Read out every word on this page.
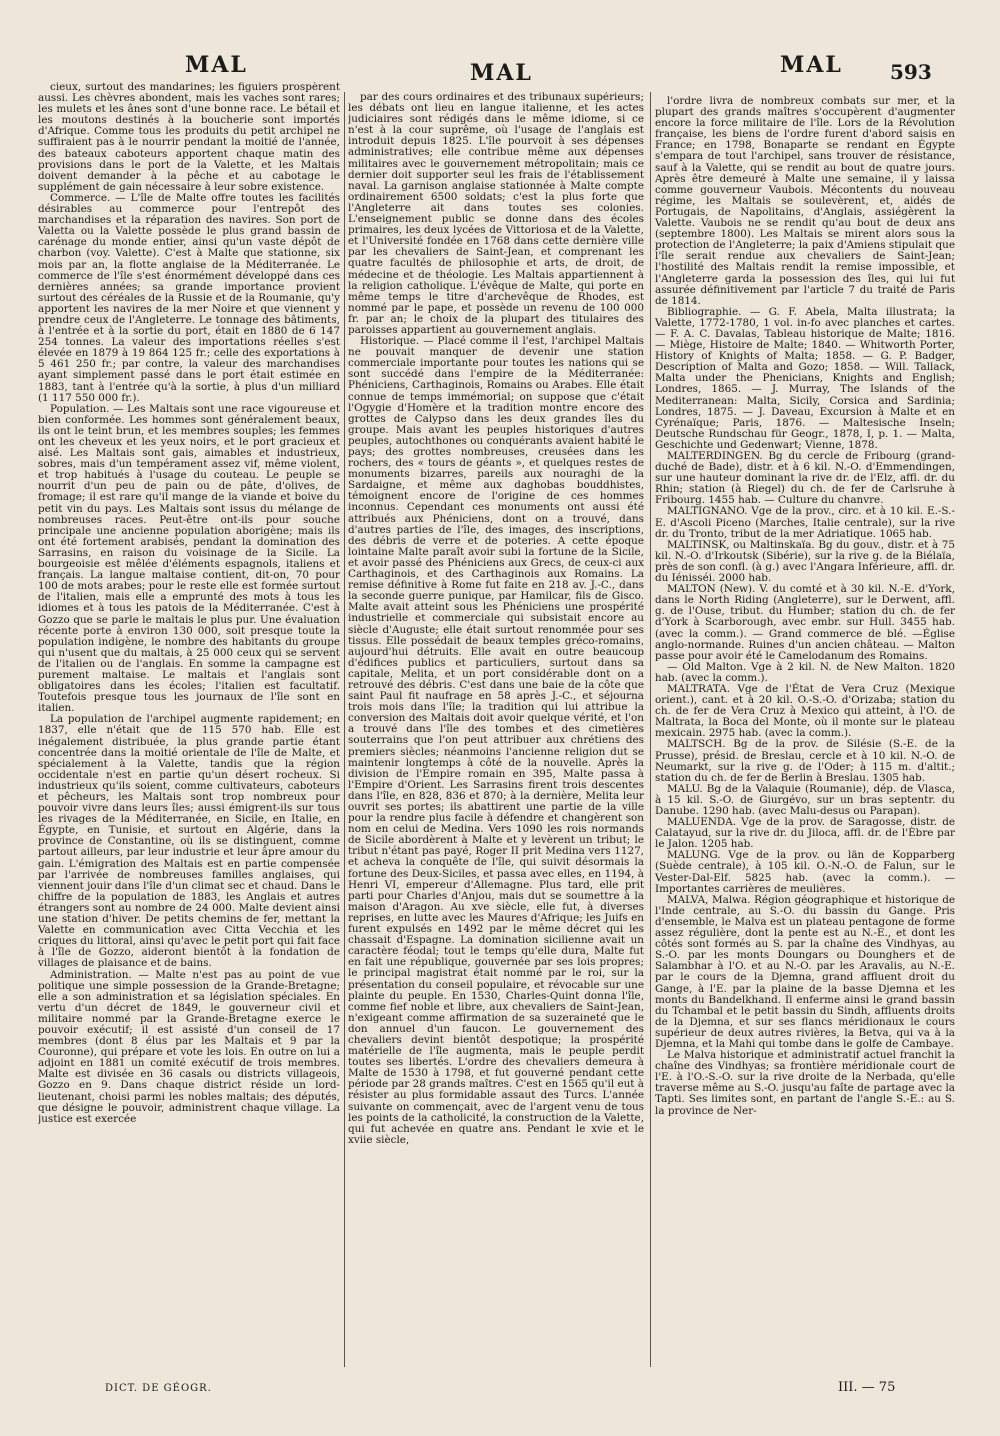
MAL	MAL	MAL 593

cieux, surtout des mandarines; les figuiers prospèrent aussi. Les chèvres abondent, mais les vaches sont rares; les mulets et les ânes sont d'une bonne race. Le bétail et les moutons destinés à la boucherie sont importés d'Afrique. Comme tous les produits du petit archipel ne suffiraient pas à le nourrir pendant la moitié de l'année, des bateaux caboteurs apportent chaque matin des provisions dans le port de la Valette, et les Maltais doivent demander à la pêche et au cabotage le supplément de gain nécessaire à leur sobre existence.

Commerce. — L'île de Malte offre toutes les facilités désirables au commerce pour l'entrepôt des marchandises et la réparation des navires. Son port de Valetta ou la Valette possède le plus grand bassin de carénage du monde entier, ainsi qu'un vaste dépôt de charbon (voy. Valette). C'est à Malte que stationne, six mois par an, la flotte anglaise de la Méditerranée. Le commerce de l'île s'est énormément développé dans ces dernières années; sa grande importance provient surtout des céréales de la Russie et de la Roumanie, qu'y apportent les navires de la mer Noire et que viennent y prendre ceux de l'Angleterre. Le tonnage des bâtiments, à l'entrée et à la sortie du port, était en 1880 de 6 147 254 tonnes. La valeur des importations réelles s'est élevée en 1879 à 19 864 125 fr.; celle des exportations à 5 461 250 fr.; par contre, la valeur des marchandises ayant simplement passé dans le port était estimée en 1883, tant à l'entrée qu'à la sortie, à plus d'un milliard (1 117 550 000 fr.).

Population. — Les Maltais sont une race vigoureuse et bien conformée. Les hommes sont généralement beaux, ils ont le teint brun, et les membres souples; les femmes ont les cheveux et les yeux noirs, et le port gracieux et aisé. Les Maltais sont gais, aimables et industrieux, sobres, mais d'un tempérament assez vif, même violent, et trop habitués à l'usage du couteau. Le peuple se nourrit d'un peu de pain ou de pâte, d'olives, de fromage; il est rare qu'il mange de la viande et boive du petit vin du pays. Les Maltais sont issus du mélange de nombreuses races. Peut-être ont-ils pour souche principale une ancienne population aborigène; mais ils ont été fortement arabisés, pendant la domination des Sarrasins, en raison du voisinage de la Sicile. La bourgeoisie est mêlée d'éléments espagnols, italiens et français. La langue maltaise contient, dit-on, 70 pour 100 de mots arabes; pour le reste elle est formée surtout de l'italien, mais elle a emprunté des mots à tous les idiomes et à tous les patois de la Méditerranée. C'est à Gozzo que se parle le maltais le plus pur. Une évaluation récente porte à environ 130 000, soit presque toute la population indigène, le nombre des habitants du groupe qui n'usent que du maltais, à 25 000 ceux qui se servent de l'italien ou de l'anglais. En somme la campagne est purement maltaise. Le maltais et l'anglais sont obligatoires dans les écoles; l'italien est facultatif. Toutefois presque tous les journaux de l'île sont en italien.

La population de l'archipel augmente rapidement; en 1837, elle n'était que de 115 570 hab. Elle est inégalement distribuée, la plus grande partie étant concentrée dans la moitié orientale de l'île de Malte, et spécialement à la Valette, tandis que la région occidentale n'est en partie qu'un désert rocheux. Si industrieux qu'ils soient, comme cultivateurs, caboteurs et pêcheurs, les Maltais sont trop nombreux pour pouvoir vivre dans leurs îles; aussi émigrent-ils sur tous les rivages de la Méditerranée, en Sicile, en Italie, en Égypte, en Tunisie, et surtout en Algérie, dans la province de Constantine, où ils se distinguent, comme partout ailleurs, par leur industrie et leur âpre amour du gain. L'émigration des Maltais est en partie compensée par l'arrivée de nombreuses familles anglaises, qui viennent jouir dans l'île d'un climat sec et chaud. Dans le chiffre de la population de 1883, les Anglais et autres étrangers sont au nombre de 24 000. Malte devient ainsi une station d'hiver. De petits chemins de fer, mettant la Valette en communication avec Citta Vecchia et les criques du littoral, ainsi qu'avec le petit port qui fait face à l'île de Gozzo, aideront bientôt à la fondation de villages de plaisance et de bains.

Administration. — Malte n'est pas au point de vue politique une simple possession de la Grande-Bretagne; elle a son administration et sa législation spéciales. En vertu d'un décret de 1849, le gouverneur civil et militaire nommé par la Grande-Bretagne exerce le pouvoir exécutif; il est assisté d'un conseil de 17 membres (dont 8 élus par les Maltais et 9 par la Couronne), qui prépare et vote les lois. En outre on lui a adjoint en 1881 un comité exécutif de trois membres. Malte est divisée en 36 casals ou districts villageois, Gozzo en 9. Dans chaque district réside un lord-lieutenant, choisi parmi les nobles maltais; des députés, que désigne le pouvoir, administrent chaque village. La justice est exercée

par des cours ordinaires et des tribunaux supérieurs; les débats ont lieu en langue italienne, et les actes judiciaires sont rédigés dans le même idiome, si ce n'est à la cour suprême, où l'usage de l'anglais est introduit depuis 1825. L'île pourvoit à ses dépenses administratives; elle contribue même aux dépenses militaires avec le gouvernement métropolitain; mais ce dernier doit supporter seul les frais de l'établissement naval. La garnison anglaise stationnée à Malte compte ordinairement 6500 soldats; c'est la plus forte que l'Angleterre ait dans toutes ses colonies. L'enseignement public se donne dans des écoles primaires, les deux lycées de Vittoriosa et de la Valette, et l'Université fondée en 1768 dans cette dernière ville par les chevaliers de Saint-Jean, et comprenant les quatre facultés de philosophie et arts, de droit, de médecine et de théologie. Les Maltais appartiennent à la religion catholique. L'évêque de Malte, qui porte en même temps le titre d'archevêque de Rhodes, est nommé par le pape, et possède un revenu de 100 000 fr. par an; le choix de la plupart des titulaires des paroisses appartient au gouvernement anglais.

Historique. — Placé comme il l'est, l'archipel Maltais ne pouvait manquer de devenir une station commerciale importante pour toutes les nations qui se sont succédé dans l'empire de la Méditerranée: Phéniciens, Carthaginois, Romains ou Arabes. Elle était connue de temps immémorial; on suppose que c'était l'Ogygie d'Homère et la tradition montre encore des grottes de Calypso dans les deux grandes îles du groupe. Mais avant les peuples historiques d'autres peuples, autochthones ou conquérants avaient habité le pays; des grottes nombreuses, creusées dans les rochers, des « tours de géants », et quelques restes de monuments bizarres, pareils aux nouraghi de la Sardaigne, et même aux daghobas bouddhistes, témoignent encore de l'origine de ces hommes inconnus. Cependant ces monuments ont aussi été attribués aux Phéniciens, dont on a trouvé, dans d'autres parties de l'île, des images, des inscriptions, des débris de verre et de poteries. A cette époque lointaine Malte paraît avoir subi la fortune de la Sicile, et avoir passé des Phéniciens aux Grecs, de ceux-ci aux Carthaginois, et des Carthaginois aux Romains. La remise définitive à Rome fut faite en 218 av. J.-C., dans la seconde guerre punique, par Hamilcar, fils de Gisco. Malte avait atteint sous les Phéniciens une prospérité industrielle et commerciale qui subsistait encore au siècle d'Auguste; elle était surtout renommée pour ses tissus. Elle possédait de beaux temples gréco-romains, aujourd'hui détruits. Elle avait en outre beaucoup d'édifices publics et particuliers, surtout dans sa capitale, Melita, et un port considérable dont on a retrouvé des débris. C'est dans une baie de la côte que saint Paul fit naufrage en 58 après J.-C., et séjourna trois mois dans l'île; la tradition qui lui attribue la conversion des Maltais doit avoir quelque vérité, et l'on a trouvé dans l'île des tombes et des cimetières souterrains que l'on peut attribuer aux chrétiens des premiers siècles; néanmoins l'ancienne religion dut se maintenir longtemps à côté de la nouvelle. Après la division de l'Empire romain en 395, Malte passa à l'Empire d'Orient. Les Sarrasins firent trois descentes dans l'île, en 828, 836 et 870; à la dernière, Melita leur ouvrit ses portes; ils abattirent une partie de la ville pour la rendre plus facile à défendre et changèrent son nom en celui de Medina. Vers 1090 les rois normands de Sicile abordèrent à Malte et y levèrent un tribut; le tribut n'étant pas payé, Roger II prit Medina vers 1127, et acheva la conquête de l'île, qui suivit désormais la fortune des Deux-Siciles, et passa avec elles, en 1194, à Henri VI, empereur d'Allemagne. Plus tard, elle prit parti pour Charles d'Anjou, mais dut se soumettre à la maison d'Aragon. Au xve siècle, elle fut, à diverses reprises, en lutte avec les Maures d'Afrique; les Juifs en furent expulsés en 1492 par le même décret qui les chassait d'Espagne. La domination sicilienne avait un caractère féodal; tout le temps qu'elle dura, Malte fut en fait une république, gouvernée par ses lois propres; le principal magistrat était nommé par le roi, sur la présentation du conseil populaire, et révocable sur une plainte du peuple. En 1530, Charles-Quint donna l'île, comme fief noble et libre, aux chevaliers de Saint-Jean, n'exigeant comme affirmation de sa suzeraineté que le don annuel d'un faucon. Le gouvernement des chevaliers devint bientôt despotique; la prospérité matérielle de l'île augmenta, mais le peuple perdit toutes ses libertés. L'ordre des chevaliers demeura à Malte de 1530 à 1798, et fut gouverné pendant cette période par 28 grands maîtres. C'est en 1565 qu'il eut à résister au plus formidable assaut des Turcs. L'année suivante on commençait, avec de l'argent venu de tous les points de la catholicité, la construction de la Valette, qui fut achevée en quatre ans. Pendant le xvie et le xviie siècle,

l'ordre livra de nombreux combats sur mer, et la plupart des grands maîtres s'occupèrent d'augmenter encore la force militaire de l'île. Lors de la Révolution française, les biens de l'ordre furent d'abord saisis en France; en 1798, Bonaparte se rendant en Égypte s'empara de tout l'archipel, sans trouver de résistance, sauf à la Valette, qui se rendit au bout de quatre jours. Après être demeuré à Malte une semaine, il y laissa comme gouverneur Vaubois. Mécontents du nouveau régime, les Maltais se soulevèrent, et, aidés de Portugais, de Napolitains, d'Anglais, assiégèrent la Valette. Vaubois ne se rendit qu'au bout de deux ans (septembre 1800). Les Maltais se mirent alors sous la protection de l'Angleterre; la paix d'Amiens stipulait que l'île serait rendue aux chevaliers de Saint-Jean; l'hostilité des Maltais rendit la remise impossible, et l'Angleterre garda la possession des îles, qui lui fut assurée définitivement par l'article 7 du traité de Paris de 1814.

Bibliographie. — G. F. Abela, Malta illustrata; la Valette, 1772-1780, 1 vol. in-fo avec planches et cartes. — F. A. C. Davalas, Tableau historique de Malte; 1816. — Miège, Histoire de Malte; 1840. — Whitworth Porter, History of Knights of Malta; 1858. — G. P. Badger, Description of Malta and Gozo; 1858. — Will. Tallack, Malta under the Phenicians, Knights and English; Londres, 1865. — J. Murray, The Islands of the Mediterranean: Malta, Sicily, Corsica and Sardinia; Londres, 1875. — J. Daveau, Excursion à Malte et en Cyrénaïque; Paris, 1876. — Maltesische Inseln; Deutsche Rundschau für Geogr., 1878, I, p. 1. — Malta, Geschichte und Gedenwart; Vienne, 1878.

MALTERDINGEN. Bg du cercle de Fribourg (grand-duché de Bade), distr. et à 6 kil. N.-O. d'Emmendingen, sur une hauteur dominant la rive dr. de l'Elz, affl. dr. du Rhin; station (à Riegel) du ch. de fer de Carlsruhe à Fribourg. 1455 hab. — Culture du chanvre.

MALTIGNANO. Vge de la prov., circ. et à 10 kil. E.-S.-E. d'Ascoli Piceno (Marches, Italie centrale), sur la rive dr. du Tronto, tribut de la mer Adriatique. 1065 hab.

MALTINSK, ou Maltinskaïa. Bg du gouv., distr. et à 75 kil. N.-O. d'Irkoutsk (Sibérie), sur la rive g. de la Biélaïa, près de son confl. (à g.) avec l'Angara Inférieure, affl. dr. du Iénisséi. 2000 hab.

MALTON (New). V. du comté et à 30 kil. N.-E. d'York, dans le North Riding (Angleterre), sur le Derwent, affl. g. de l'Ouse, tribut. du Humber; station du ch. de fer d'York à Scarborough, avec embr. sur Hull. 3455 hab. (avec la comm.). — Grand commerce de blé. —Église anglo-normande. Ruines d'un ancien château. — Malton passe pour avoir été le Camelodanum des Romains.

— Old Malton. Vge à 2 kil. N. de New Malton. 1820 hab. (avec la comm.).

MALTRATA. Vge de l'État de Vera Cruz (Mexique orient.), cant. et à 20 kil. O.-S.-O. d'Orizaba; station du ch. de fer de Vera Cruz à Mexico qui atteint, à l'O. de Maltrata, la Boca del Monte, où il monte sur le plateau mexicain. 2975 hab. (avec la comm.).

MALTSCH. Bg de la prov. de Silésie (S.-E. de la Prusse), présid. de Breslau, cercle et à 10 kil. N.-O. de Neumarkt, sur la rive g. de l'Oder; à 115 m. d'altit.; station du ch. de fer de Berlin à Breslau. 1305 hab.

MALU. Bg de la Valaquie (Roumanie), dép. de Vlasca, à 15 kil. S.-O. de Giurgévo, sur un bras septentr. du Danube. 1290 hab. (avec Malu-desus ou Parapan).

MALUENDA. Vge de la prov. de Saragosse, distr. de Calatayud, sur la rive dr. du Jiloca, affl. dr. de l'Èbre par le Jalon. 1205 hab.

MALUNG. Vge de la prov. ou län de Kopparberg (Suède centrale), à 105 kil. O.-N.-O. de Falun, sur le Vester-Dal-Elf. 5825 hab. (avec la comm.). — Importantes carrières de meulières.

MALVA, Malwa. Région géographique et historique de l'Inde centrale, au S.-O. du bassin du Gange. Pris d'ensemble, le Malva est un plateau pentagone de forme assez régulière, dont la pente est au N.-E., et dont les côtés sont formés au S. par la chaîne des Vindhyas, au S.-O. par les monts Doungars ou Dounghers et de Salambhar à l'O. et au N.-O. par les Aravalis, au N.-E. par le cours de la Djemna, grand affluent droit du Gange, à l'E. par la plaine de la basse Djemna et les monts du Bandelkhand. Il enferme ainsi le grand bassin du Tchambal et le petit bassin du Sindh, affluents droits de la Djemna, et sur ses flancs méridionaux le cours supérieur de deux autres rivières, la Betva, qui va à la Djemna, et la Mahi qui tombe dans le golfe de Cambaye.

Le Malva historique et administratif actuel franchit la chaîne des Vindhyas; sa frontière méridionale court de l'E. à l'O.-S.-O. sur la rive droite de la Nerbada, qu'elle traverse même au S.-O. jusqu'au faîte de partage avec la Tapti. Ses limites sont, en partant de l'angle S.-E.: au S. la province de Ner-

DICT. DE GÉOGR.	III. — 75
